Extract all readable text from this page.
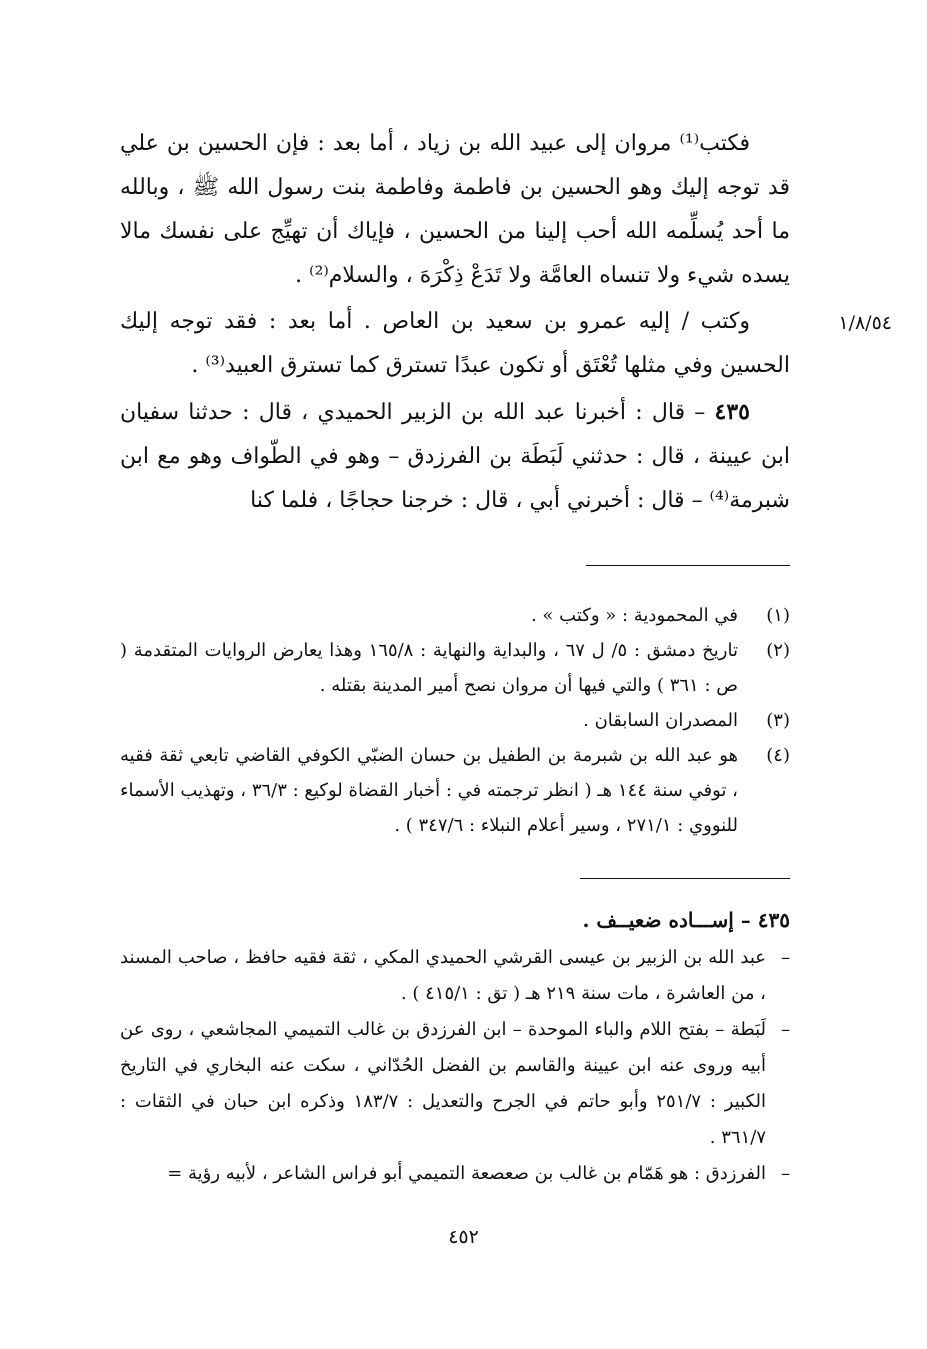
فكتب⁽¹⁾ مروان إلى عبيد الله بن زياد ، أما بعد : فإن الحسين بن علي قد توجه إليك وهو الحسين بن فاطمة وفاطمة بنت رسول الله ﷺ ، وبالله ما أحد يُسلِّمه الله أحب إلينا من الحسين ، فإياك أن تهيِّج على نفسك مالا يسده شيء ولا تنساه العامَّة ولا تَدَعْ ذِكْرَهَ ، والسلام⁽²⁾ .

وكتب / إليه عمرو بن سعيد بن العاص . أما بعد : فقد توجه إليك الحسين وفي مثلها تُعْتَق أو تكون عبدًا تسترق كما تسترق العبيد⁽³⁾ .

٤٣٥ – قال : أخبرنا عبد الله بن الزبير الحميدي ، قال : حدثنا سفيان ابن عيينة ، قال : حدثني لَبَطَة بن الفرزدق – وهو في الطّواف وهو مع ابن شبرمة⁽⁴⁾ – قال : أخبرني أبي ، قال : خرجنا حجاجًا ، فلما كنا

١/٨/٥٤

(١)
في المحمودية : « وكتب » .

(٢)
تاريخ دمشق : ٥/ ل ٦٧ ، والبداية والنهاية : ١٦٥/٨ وهذا يعارض الروايات المتقدمة ( ص : ٣٦١ ) والتي فيها أن مروان نصح أمير المدينة بقتله .

(٣)
المصدران السابقان .

(٤)
هو عبد الله بن شبرمة بن الطفيل بن حسان الضبّي الكوفي القاضي تابعي ثقة فقيه ، توفي سنة ١٤٤ هـ ( انظر ترجمته في : أخبار القضاة لوكيع : ٣٦/٣ ، وتهذيب الأسماء للنووي : ٢٧١/١ ، وسير أعلام النبلاء : ٣٤٧/٦ ) .

٤٣٥ – إســـاده ضعيــف .

–
عبد الله بن الزبير بن عيسى القرشي الحميدي المكي ، ثقة فقيه حافظ ، صاحب المسند ، من العاشرة ، مات سنة ٢١٩ هـ ( تق : ٤١٥/١ ) .

–
لَبَطة – بفتح اللام والباء الموحدة – ابن الفرزدق بن غالب التميمي المجاشعي ، روى عن أبيه وروى عنه ابن عيينة والقاسم بن الفضل الحُدّاني ، سكت عنه البخاري في التاريخ الكبير : ٢٥١/٧ وأبو حاتم في الجرح والتعديل : ١٨٣/٧ وذكره ابن حبان في الثقات : ٣٦١/٧ .

–
الفرزدق : هو هَمّام بن غالب بن صعصعة التميمي أبو فراس الشاعر ، لأبيه رؤية =

٤٥٢
